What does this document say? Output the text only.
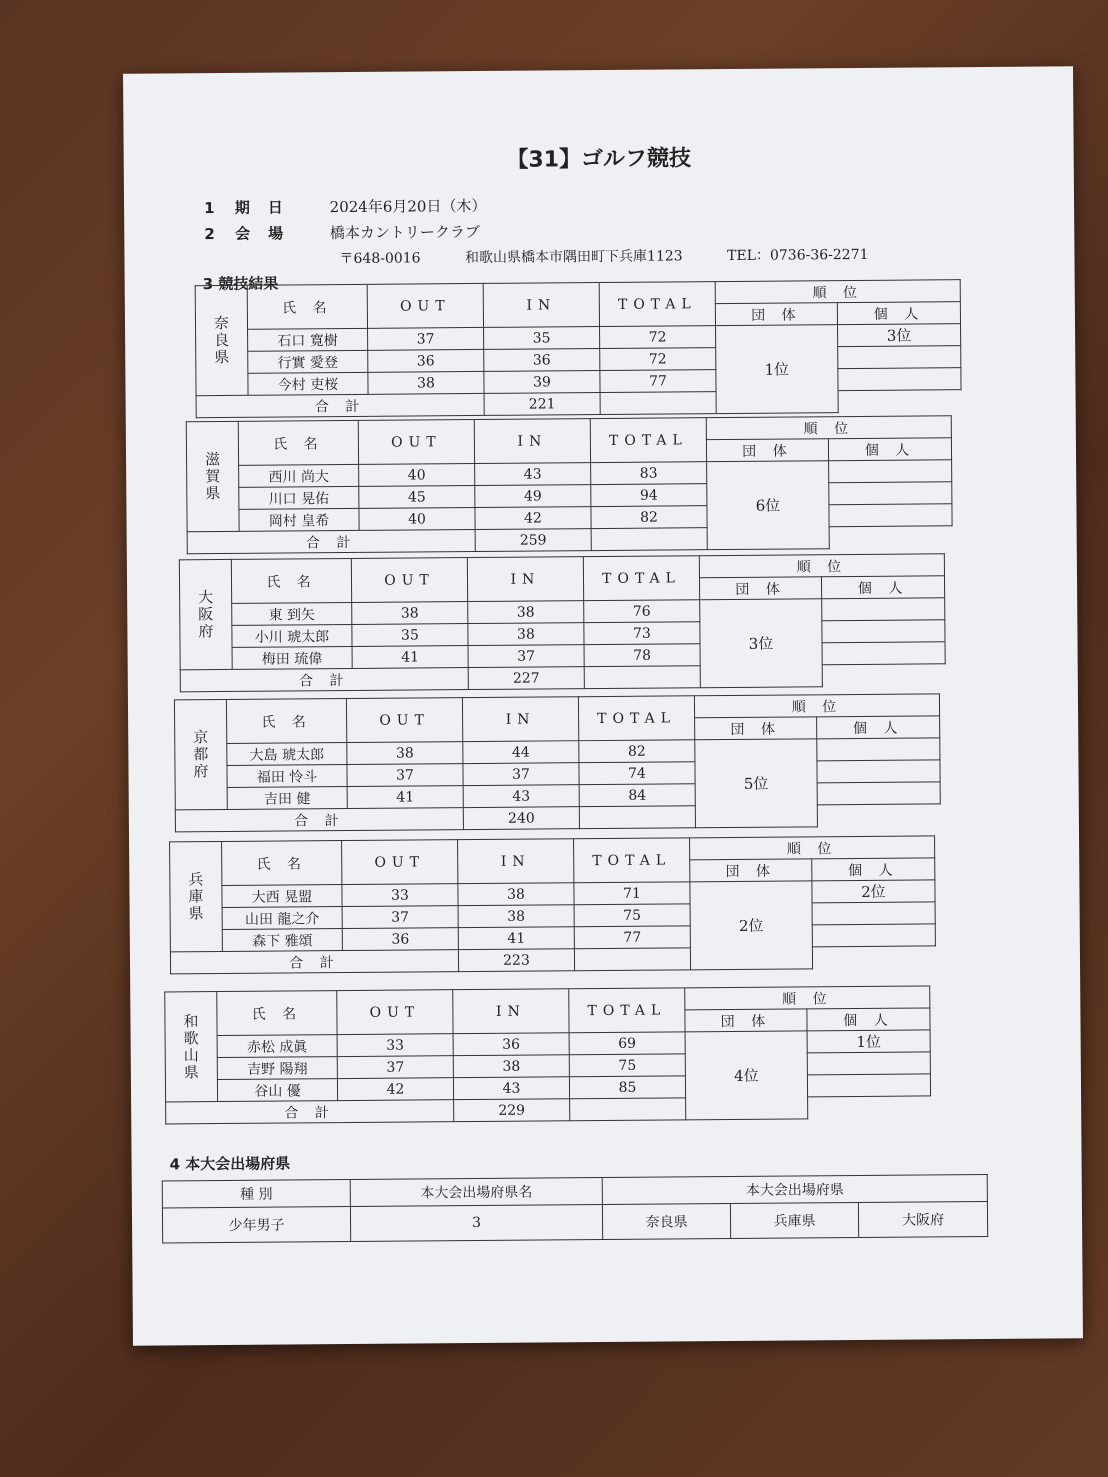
【31】ゴルフ競技
1 期日 2024年6月20日（木）
2 会場 橋本カントリークラブ
〒648-0016	和歌山県橋本市隅田町下兵庫1123	TEL：0736-36-2271
3 競技結果
奈良県	氏 名	OUT	IN	TOTAL	順 位	
					団 体	個 人
	石口 寛樹	37	35	72	1位	3位
	行實 愛登	36	36	72		
	今村 吏桜	38	39	77		
合 計			221			
滋賀県	氏 名	OUT	IN	TOTAL	順 位	
					団 体	個 人
	西川 尚大	40	43	83	6位	
	川口 晃佑	45	49	94		
	岡村 皇希	40	42	82		
合 計			259			
大阪府	氏 名	OUT	IN	TOTAL	順 位	
					団 体	個 人
	東 到矢	38	38	76	3位	
	小川 琥太郎	35	38	73		
	梅田 琉偉	41	37	78		
合 計			227			
京都府	氏 名	OUT	IN	TOTAL	順 位	
					団 体	個 人
	大島 琥太郎	38	44	82	5位	
	福田 怜斗	37	37	74		
	吉田 健	41	43	84		
合 計			240			
兵庫県	氏 名	OUT	IN	TOTAL	順 位	
					団 体	個 人
	大西 晃盟	33	38	71	2位	2位
	山田 龍之介	37	38	75		
	森下 雅頌	36	41	77		
合 計			223			
和歌山県	氏 名	OUT	IN	TOTAL	順 位	
					団 体	個 人
	赤松 成眞	33	36	69	4位	1位
	吉野 陽翔	37	38	75		
	谷山 優	42	43	85		
合 計			229			
4 本大会出場府県
種 別	本大会出場府県名	本大会出場府県		
少年男子	3	奈良県	兵庫県	大阪府
